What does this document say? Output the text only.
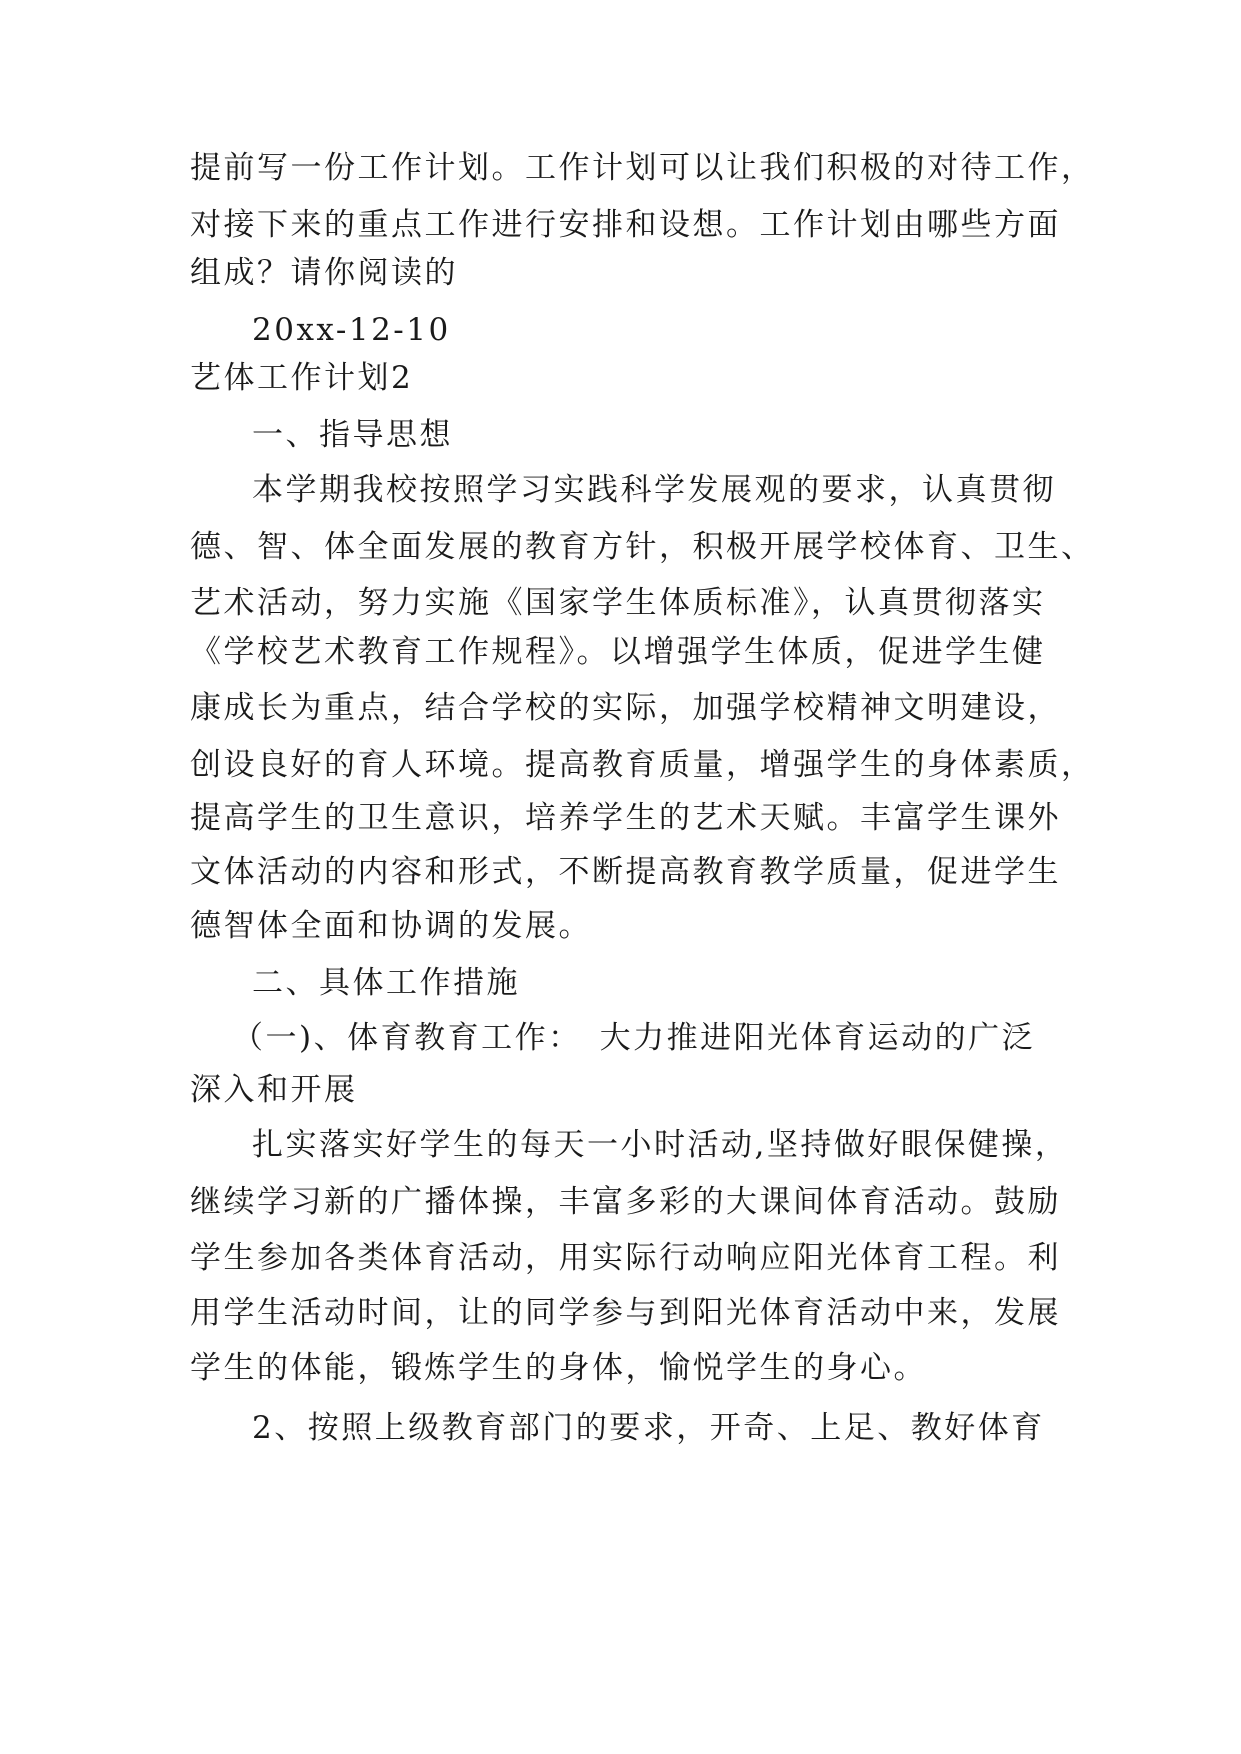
提前写一份工作计划。工作计划可以让我们积极的对待工作，
对接下来的重点工作进行安排和设想。工作计划由哪些方面
组成？请你阅读的
20xx-12-10
艺体工作计划2
一、指导思想
本学期我校按照学习实践科学发展观的要求，认真贯彻
德、智、体全面发展的教育方针，积极开展学校体育、卫生、
艺术活动，努力实施《国家学生体质标准》，认真贯彻落实
《学校艺术教育工作规程》。以增强学生体质，促进学生健
康成长为重点，结合学校的实际，加强学校精神文明建设，
创设良好的育人环境。提高教育质量，增强学生的身体素质，
提高学生的卫生意识，培养学生的艺术天赋。丰富学生课外
文体活动的内容和形式，不断提高教育教学质量，促进学生
德智体全面和协调的发展。
二、具体工作措施
（一)、体育教育工作：　大力推进阳光体育运动的广泛
深入和开展
扎实落实好学生的每天一小时活动,坚持做好眼保健操，
继续学习新的广播体操，丰富多彩的大课间体育活动。鼓励
学生参加各类体育活动，用实际行动响应阳光体育工程。利
用学生活动时间，让的同学参与到阳光体育活动中来，发展
学生的体能，锻炼学生的身体，愉悦学生的身心。
2、按照上级教育部门的要求，开奇、上足、教好体育
